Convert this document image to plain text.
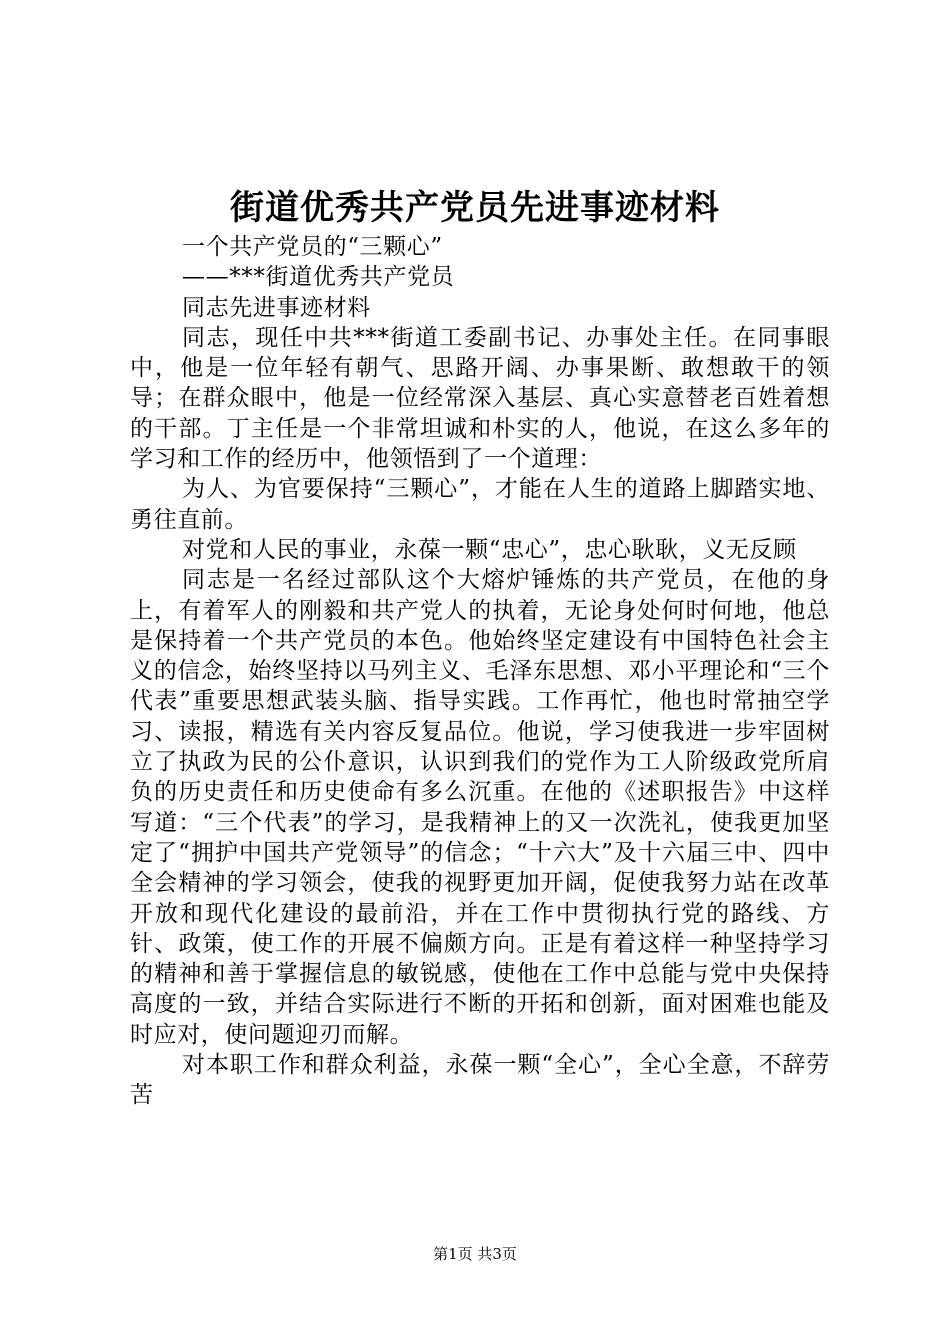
街道优秀共产党员先进事迹材料

一个共产党员的“三颗心”

——***街道优秀共产党员

同志先进事迹材料

同志，现任中共***街道工委副书记、办事处主任。在同事眼中，他是一位年轻有朝气、思路开阔、办事果断、敢想敢干的领导；在群众眼中，他是一位经常深入基层、真心实意替老百姓着想的干部。丁主任是一个非常坦诚和朴实的人，他说，在这么多年的学习和工作的经历中，他领悟到了一个道理：

为人、为官要保持“三颗心”，才能在人生的道路上脚踏实地、勇往直前。

对党和人民的事业，永葆一颗“忠心”，忠心耿耿，义无反顾

同志是一名经过部队这个大熔炉锤炼的共产党员，在他的身上，有着军人的刚毅和共产党人的执着，无论身处何时何地，他总是保持着一个共产党员的本色。他始终坚定建设有中国特色社会主义的信念，始终坚持以马列主义、毛泽东思想、邓小平理论和“三个代表”重要思想武装头脑、指导实践。工作再忙，他也时常抽空学习、读报，精选有关内容反复品位。他说，学习使我进一步牢固树立了执政为民的公仆意识，认识到我们的党作为工人阶级政党所肩负的历史责任和历史使命有多么沉重。在他的《述职报告》中这样写道：“三个代表”的学习，是我精神上的又一次洗礼，使我更加坚定了“拥护中国共产党领导”的信念；“十六大”及十六届三中、四中全会精神的学习领会，使我的视野更加开阔，促使我努力站在改革开放和现代化建设的最前沿，并在工作中贯彻执行党的路线、方针、政策，使工作的开展不偏颇方向。正是有着这样一种坚持学习的精神和善于掌握信息的敏锐感，使他在工作中总能与党中央保持高度的一致，并结合实际进行不断的开拓和创新，面对困难也能及时应对，使问题迎刃而解。

对本职工作和群众利益，永葆一颗“全心”，全心全意，不辞劳苦

第1页 共3页
